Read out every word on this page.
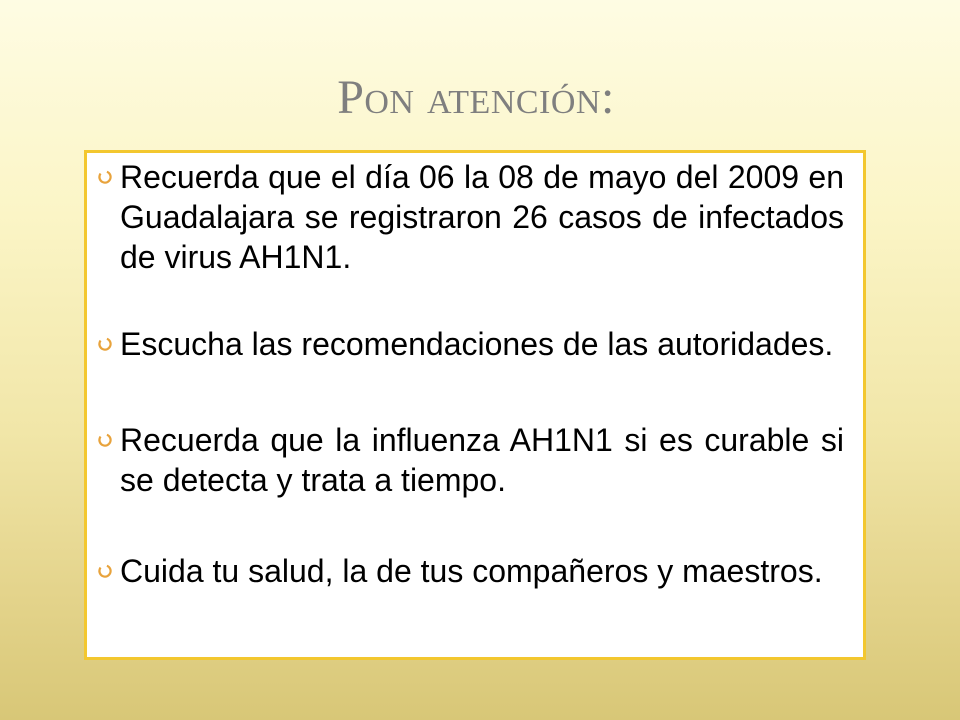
Pon atención:
Recuerda que el día 06 la 08 de mayo del 2009 en Guadalajara se registraron 26 casos de infectados de virus AH1N1.
Escucha las recomendaciones de las autoridades.
Recuerda que la influenza AH1N1 si es curable si se detecta y trata a tiempo.
Cuida tu salud, la de tus compañeros y maestros.
